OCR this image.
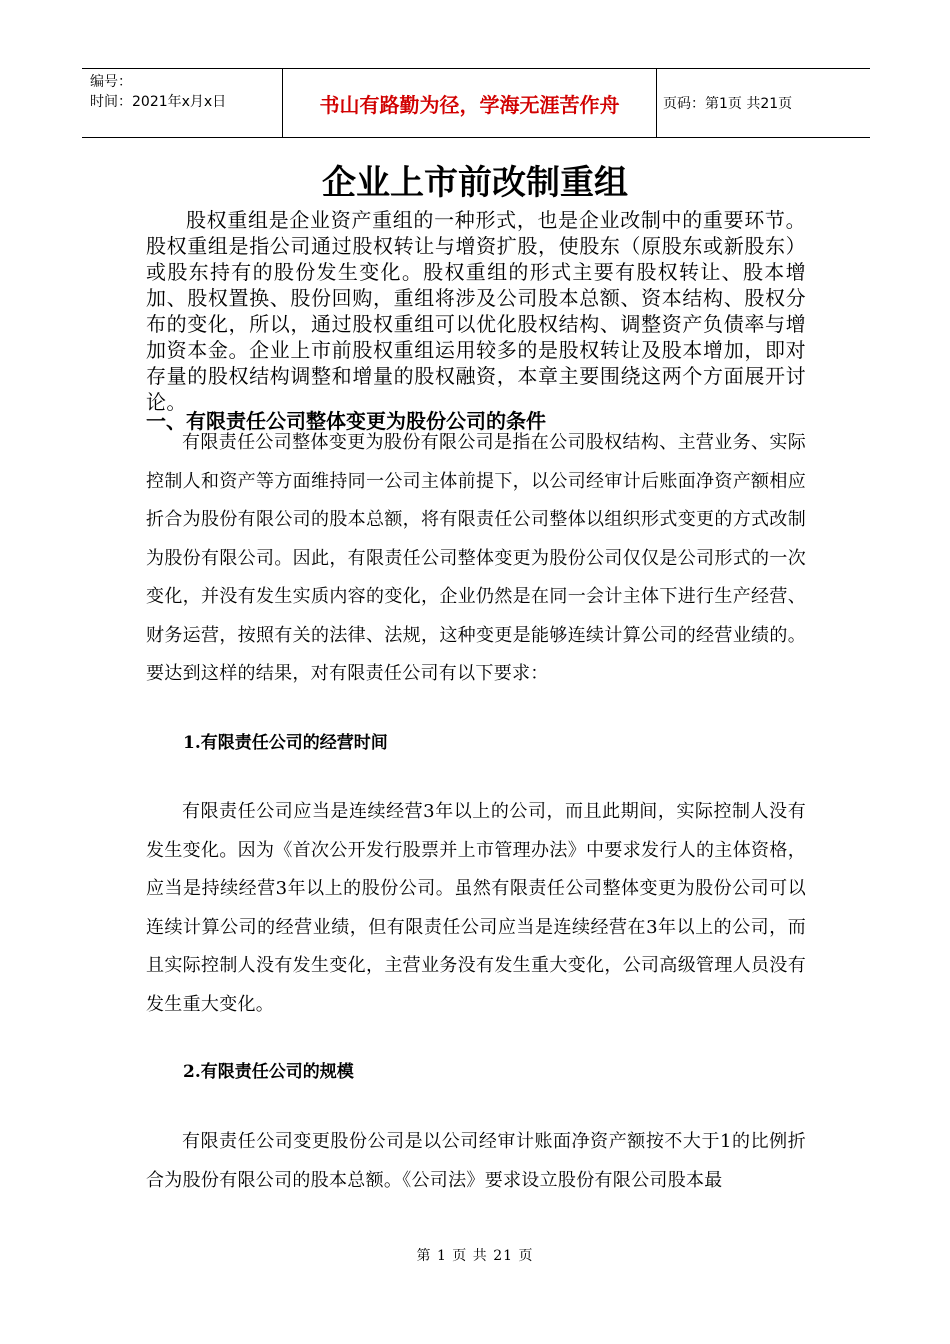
编号：
时间：2021年x月x日	书山有路勤为径，学海无涯苦作舟	页码：第1页 共21页
企业上市前改制重组
股权重组是企业资产重组的一种形式，也是企业改制中的重要环节。股权重组是指公司通过股权转让与增资扩股，使股东（原股东或新股东）或股东持有的股份发生变化。股权重组的形式主要有股权转让、股本增加、股权置换、股份回购，重组将涉及公司股本总额、资本结构、股权分布的变化，所以，通过股权重组可以优化股权结构、调整资产负债率与增加资本金。企业上市前股权重组运用较多的是股权转让及股本增加，即对存量的股权结构调整和增量的股权融资，本章主要围绕这两个方面展开讨论。
一、有限责任公司整体变更为股份公司的条件
有限责任公司整体变更为股份有限公司是指在公司股权结构、主营业务、实际控制人和资产等方面维持同一公司主体前提下，以公司经审计后账面净资产额相应折合为股份有限公司的股本总额，将有限责任公司整体以组织形式变更的方式改制为股份有限公司。因此，有限责任公司整体变更为股份公司仅仅是公司形式的一次变化，并没有发生实质内容的变化，企业仍然是在同一会计主体下进行生产经营、财务运营，按照有关的法律、法规，这种变更是能够连续计算公司的经营业绩的。要达到这样的结果，对有限责任公司有以下要求：
1.有限责任公司的经营时间
有限责任公司应当是连续经营3年以上的公司，而且此期间，实际控制人没有发生变化。因为《首次公开发行股票并上市管理办法》中要求发行人的主体资格，应当是持续经营3年以上的股份公司。虽然有限责任公司整体变更为股份公司可以连续计算公司的经营业绩，但有限责任公司应当是连续经营在3年以上的公司，而且实际控制人没有发生变化，主营业务没有发生重大变化，公司高级管理人员没有发生重大变化。
2.有限责任公司的规模
有限责任公司变更股份公司是以公司经审计账面净资产额按不大于1的比例折合为股份有限公司的股本总额。《公司法》要求设立股份有限公司股本最
第 1 页 共 21 页
